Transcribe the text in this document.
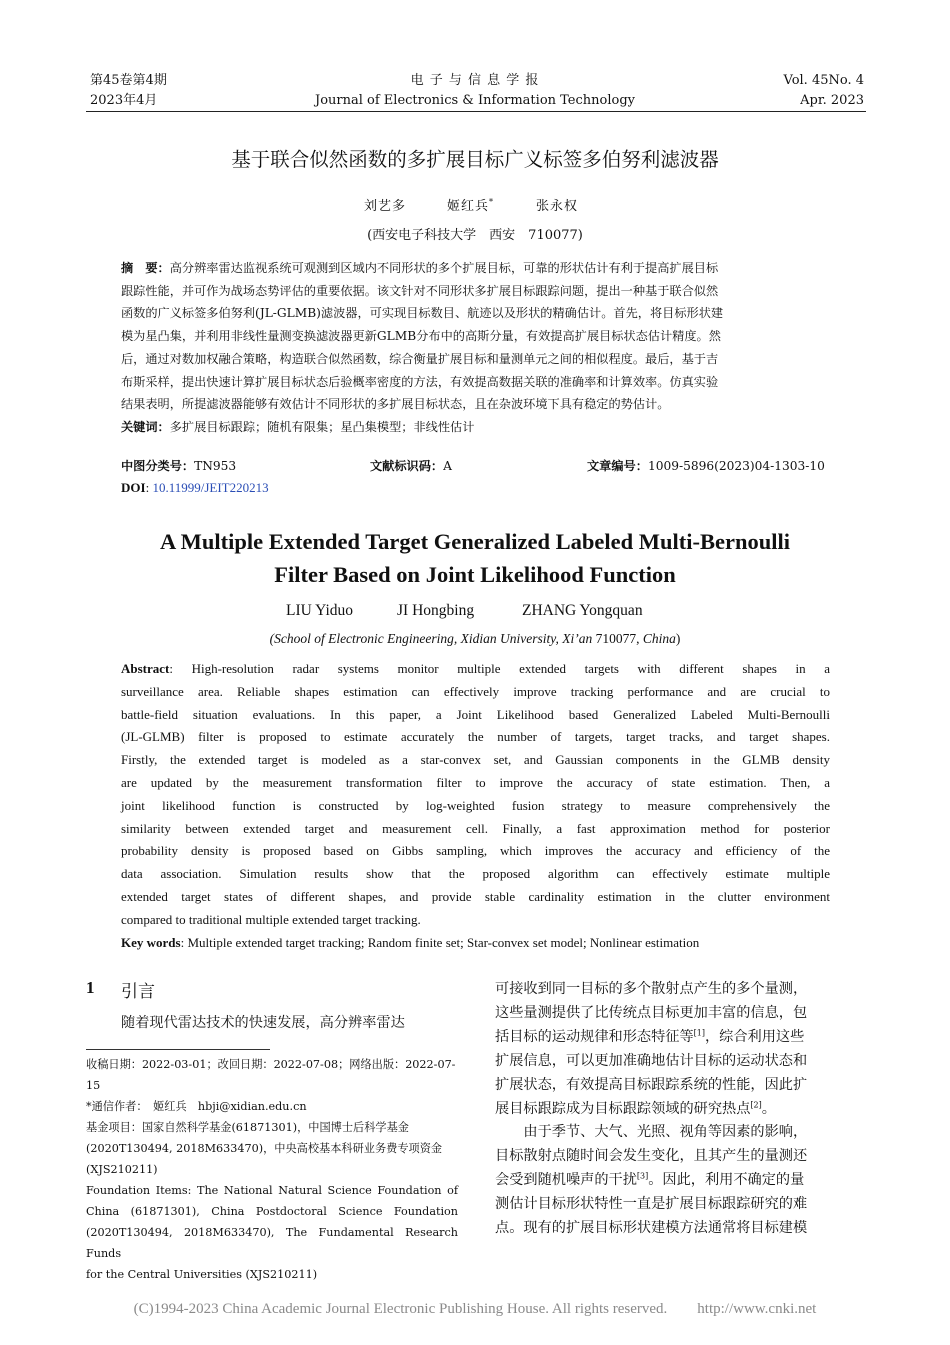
第45卷第4期
2023年4月
电 子 与 信 息 学 报
Journal of Electronics & Information Technology
Vol. 45No. 4
Apr. 2023
基于联合似然函数的多扩展目标广义标签多伯努利滤波器
刘艺多	姬红兵*	张永权
(西安电子科技大学　西安　710077)
摘　要：高分辨率雷达监视系统可观测到区域内不同形状的多个扩展目标，可靠的形状估计有利于提高扩展目标
跟踪性能，并可作为战场态势评估的重要依据。该文针对不同形状多扩展目标跟踪问题，提出一种基于联合似然
函数的广义标签多伯努利(JL-GLMB)滤波器，可实现目标数目、航迹以及形状的精确估计。首先，将目标形状建
模为星凸集，并利用非线性量测变换滤波器更新GLMB分布中的高斯分量，有效提高扩展目标状态估计精度。然
后，通过对数加权融合策略，构造联合似然函数，综合衡量扩展目标和量测单元之间的相似程度。最后，基于吉
布斯采样，提出快速计算扩展目标状态后验概率密度的方法，有效提高数据关联的准确率和计算效率。仿真实验
结果表明，所提滤波器能够有效估计不同形状的多扩展目标状态，且在杂波环境下具有稳定的势估计。
关键词：多扩展目标跟踪；随机有限集；星凸集模型；非线性估计
中图分类号：TN953	文献标识码：A	文章编号：1009-5896(2023)04-1303-10
DOI: 10.11999/JEIT220213
A Multiple Extended Target Generalized Labeled Multi-Bernoulli
Filter Based on Joint Likelihood Function
LIU Yiduo	JI Hongbing	ZHANG Yongquan
(School of Electronic Engineering, Xidian University, Xi’an 710077, China)
Abstract: High-resolution radar systems monitor multiple extended targets with different shapes in a
surveillance area. Reliable shapes estimation can effectively improve tracking performance and are crucial to
battle-field situation evaluations. In this paper, a Joint Likelihood based Generalized Labeled Multi-Bernoulli
(JL-GLMB) filter is proposed to estimate accurately the number of targets, target tracks, and target shapes.
Firstly, the extended target is modeled as a star-convex set, and Gaussian components in the GLMB density
are updated by the measurement transformation filter to improve the accuracy of state estimation. Then, a
joint likelihood function is constructed by log-weighted fusion strategy to measure comprehensively the
similarity between extended target and measurement cell. Finally, a fast approximation method for posterior
probability density is proposed based on Gibbs sampling, which improves the accuracy and efficiency of the
data association. Simulation results show that the proposed algorithm can effectively estimate multiple
extended target states of different shapes, and provide stable cardinality estimation in the clutter environment
compared to traditional multiple extended target tracking.
Key words: Multiple extended target tracking; Random finite set; Star-convex set model; Nonlinear estimation
1 引言
随着现代雷达技术的快速发展，高分辨率雷达
收稿日期：2022-03-01；改回日期：2022-07-08；网络出版：2022-07-15
*通信作者：　姬红兵　hbji@xidian.edu.cn
基金项目：国家自然科学基金(61871301)，中国博士后科学基金
(2020T130494, 2018M633470)，中央高校基本科研业务费专项资金
(XJS210211)
Foundation Items: The National Natural Science Foundation of
China (61871301), China Postdoctoral Science Foundation
(2020T130494, 2018M633470), The Fundamental Research Funds
for the Central Universities (XJS210211)
可接收到同一目标的多个散射点产生的多个量测，
这些量测提供了比传统点目标更加丰富的信息，包
括目标的运动规律和形态特征等[1]，综合利用这些
扩展信息，可以更加准确地估计目标的运动状态和
扩展状态，有效提高目标跟踪系统的性能，因此扩
展目标跟踪成为目标跟踪领域的研究热点[2]。
由于季节、大气、光照、视角等因素的影响，
目标散射点随时间会发生变化，且其产生的量测还
会受到随机噪声的干扰[3]。因此，利用不确定的量
测估计目标形状特性一直是扩展目标跟踪研究的难
点。现有的扩展目标形状建模方法通常将目标建模
(C)1994-2023 China Academic Journal Electronic Publishing House. All rights reserved.　　http://www.cnki.net
